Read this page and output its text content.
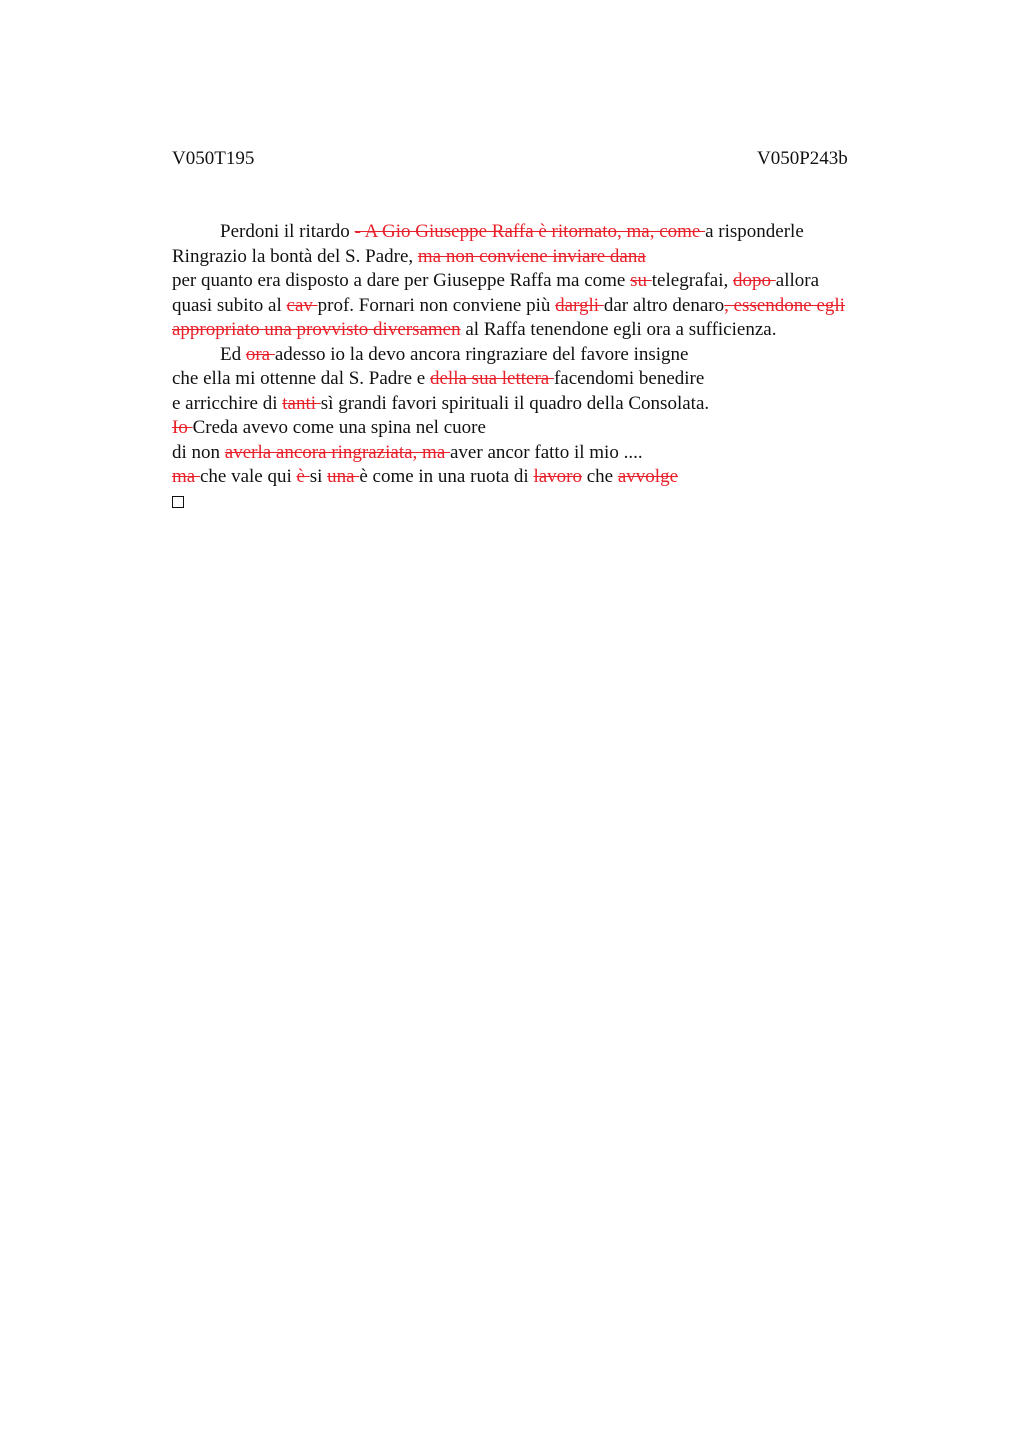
V050T195	V050P243b
Perdoni il ritardo - A Gio Giuseppe Raffa è ritornato, ma, come a risponderle
Ringrazio la bontà del S. Padre, ma non conviene inviare dana
per quanto era disposto a dare per Giuseppe Raffa ma come su telegrafai, dopo allora
quasi subito al cav prof. Fornari non conviene più dargli dar altro denaro, essendone egli
appropriato una provvisto diversamen al Raffa tenendone egli ora a sufficienza.
Ed ora adesso io la devo ancora ringraziare del favore insigne
che ella mi ottenne dal S. Padre e della sua lettera facendomi benedire
e arricchire di tanti sì grandi favori spirituali il quadro della Consolata.
Io Creda avevo come una spina nel cuore
di non averla ancora ringraziata, ma aver ancor fatto il mio ....
ma che vale qui è si una è come in una ruota di lavoro che avvolge
